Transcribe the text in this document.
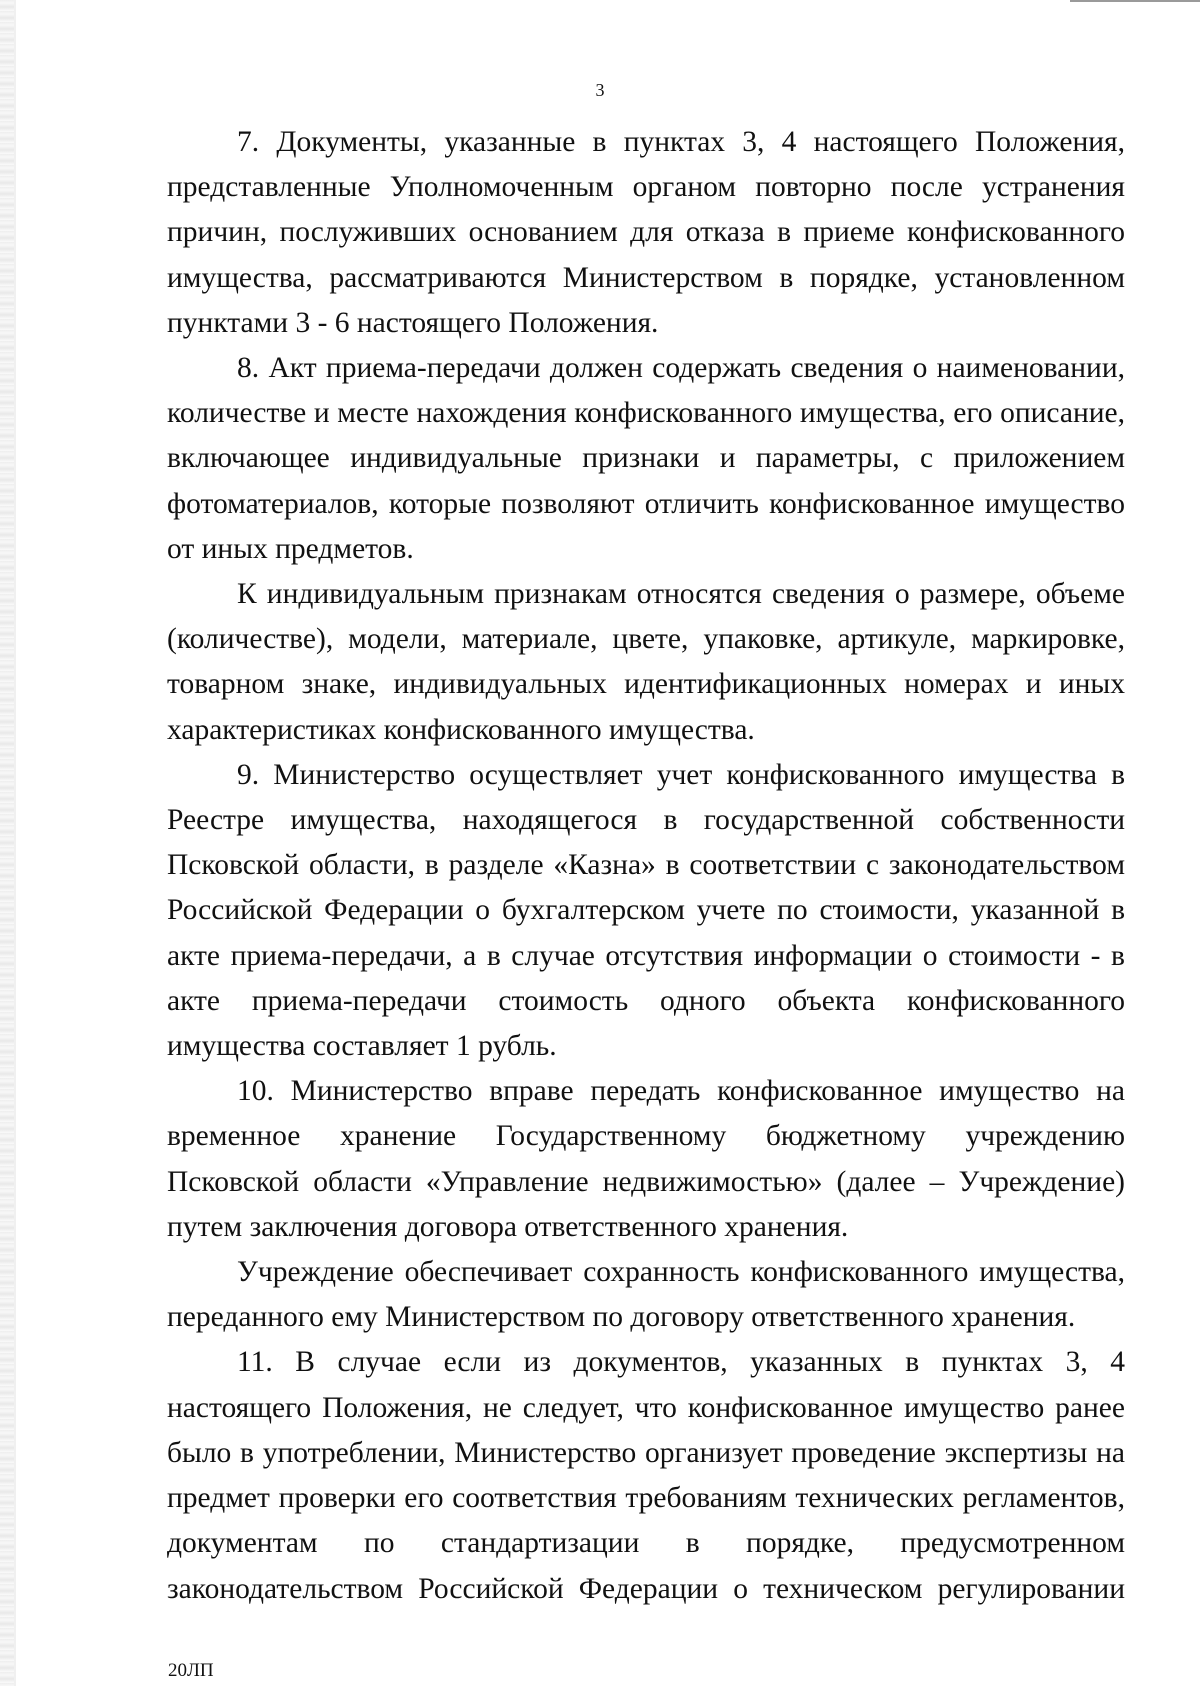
3

7. Документы, указанные в пунктах 3, 4 настоящего Положения, представленные Уполномоченным органом повторно после устранения причин, послуживших основанием для отказа в приеме конфискованного имущества, рассматриваются Министерством в порядке, установленном пунктами 3 - 6 настоящего Положения.

8. Акт приема-передачи должен содержать сведения о наименовании, количестве и месте нахождения конфискованного имущества, его описание, включающее индивидуальные признаки и параметры, с приложением фотоматериалов, которые позволяют отличить конфискованное имущество от иных предметов.

К индивидуальным признакам относятся сведения о размере, объеме (количестве), модели, материале, цвете, упаковке, артикуле, маркировке, товарном знаке, индивидуальных идентификационных номерах и иных характеристиках конфискованного имущества.

9. Министерство осуществляет учет конфискованного имущества в Реестре имущества, находящегося в государственной собственности Псковской области, в разделе «Казна» в соответствии с законодательством Российской Федерации о бухгалтерском учете по стоимости, указанной в акте приема-передачи, а в случае отсутствия информации о стоимости - в акте приема-передачи стоимость одного объекта конфискованного имущества составляет 1 рубль.

10. Министерство вправе передать конфискованное имущество на временное хранение Государственному бюджетному учреждению Псковской области «Управление недвижимостью» (далее – Учреждение) путем заключения договора ответственного хранения.

Учреждение обеспечивает сохранность конфискованного имущества, переданного ему Министерством по договору ответственного хранения.

11. В случае если из документов, указанных в пунктах 3, 4 настоящего Положения, не следует, что конфискованное имущество ранее было в употреблении, Министерство организует проведение экспертизы на предмет проверки его соответствия требованиям технических регламентов, документам по стандартизации в порядке, предусмотренном законодательством Российской Федерации о техническом регулировании

20ЛП
